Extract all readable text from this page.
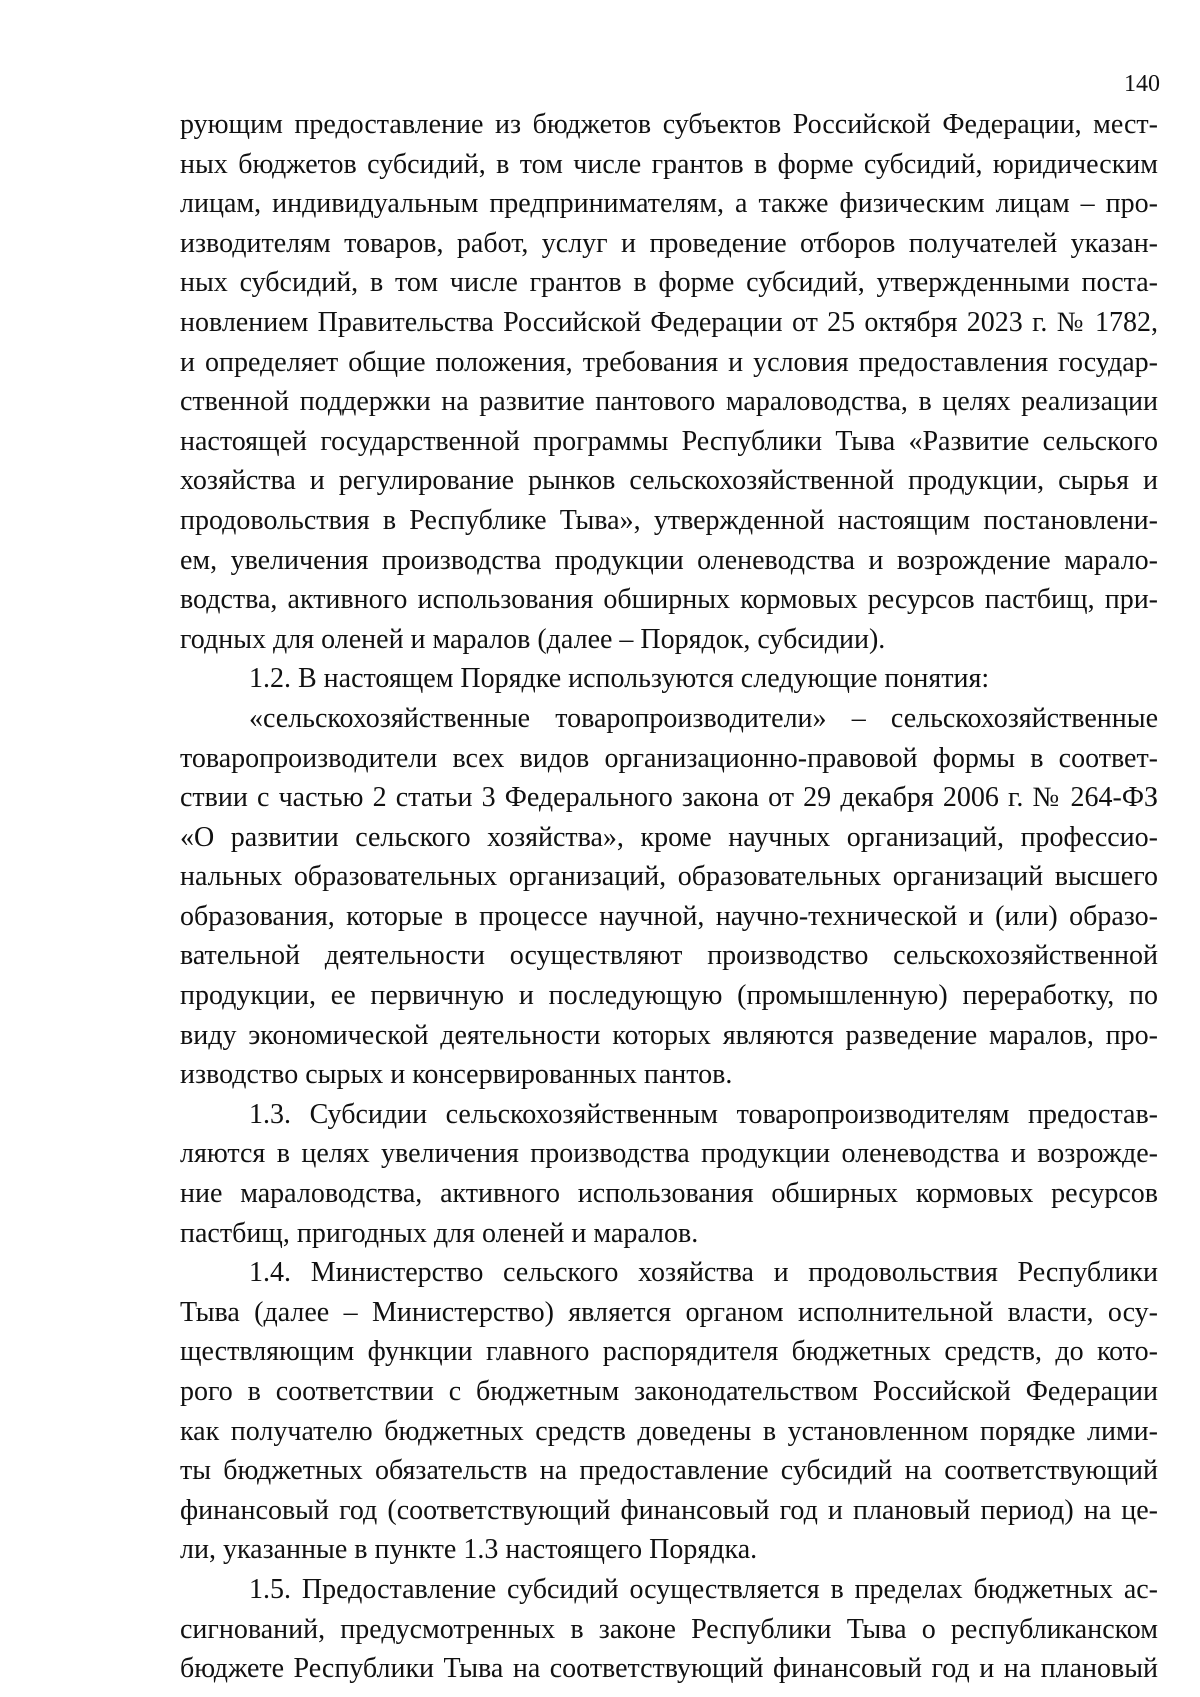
140
рующим предоставление из бюджетов субъектов Российской Федерации, мест-
ных бюджетов субсидий, в том числе грантов в форме субсидий, юридическим
лицам, индивидуальным предпринимателям, а также физическим лицам – про-
изводителям товаров, работ, услуг и проведение отборов получателей указан-
ных субсидий, в том числе грантов в форме субсидий, утвержденными поста-
новлением Правительства Российской Федерации от 25 октября 2023 г. № 1782,
и определяет общие положения, требования и условия предоставления государ-
ственной поддержки на развитие пантового мараловодства, в целях реализации
настоящей государственной программы Республики Тыва «Развитие сельского
хозяйства и регулирование рынков сельскохозяйственной продукции, сырья и
продовольствия в Республике Тыва», утвержденной настоящим постановлени-
ем, увеличения производства продукции оленеводства и возрождение марало-
водства, активного использования обширных кормовых ресурсов пастбищ, при-
годных для оленей и маралов (далее – Порядок, субсидии).
1.2. В настоящем Порядке используются следующие понятия:
«сельскохозяйственные товаропроизводители» – сельскохозяйственные
товаропроизводители всех видов организационно-правовой формы в соответ-
ствии с частью 2 статьи 3 Федерального закона от 29 декабря 2006 г. № 264-ФЗ
«О развитии сельского хозяйства», кроме научных организаций, профессио-
нальных образовательных организаций, образовательных организаций высшего
образования, которые в процессе научной, научно-технической и (или) образо-
вательной деятельности осуществляют производство сельскохозяйственной
продукции, ее первичную и последующую (промышленную) переработку, по
виду экономической деятельности которых являются разведение маралов, про-
изводство сырых и консервированных пантов.
1.3. Субсидии сельскохозяйственным товаропроизводителям предостав-
ляются в целях увеличения производства продукции оленеводства и возрожде-
ние мараловодства, активного использования обширных кормовых ресурсов
пастбищ, пригодных для оленей и маралов.
1.4. Министерство сельского хозяйства и продовольствия Республики
Тыва (далее – Министерство) является органом исполнительной власти, осу-
ществляющим функции главного распорядителя бюджетных средств, до кото-
рого в соответствии с бюджетным законодательством Российской Федерации
как получателю бюджетных средств доведены в установленном порядке лими-
ты бюджетных обязательств на предоставление субсидий на соответствующий
финансовый год (соответствующий финансовый год и плановый период) на це-
ли, указанные в пункте 1.3 настоящего Порядка.
1.5. Предоставление субсидий осуществляется в пределах бюджетных ас-
сигнований, предусмотренных в законе Республики Тыва о республиканском
бюджете Республики Тыва на соответствующий финансовый год и на плановый
